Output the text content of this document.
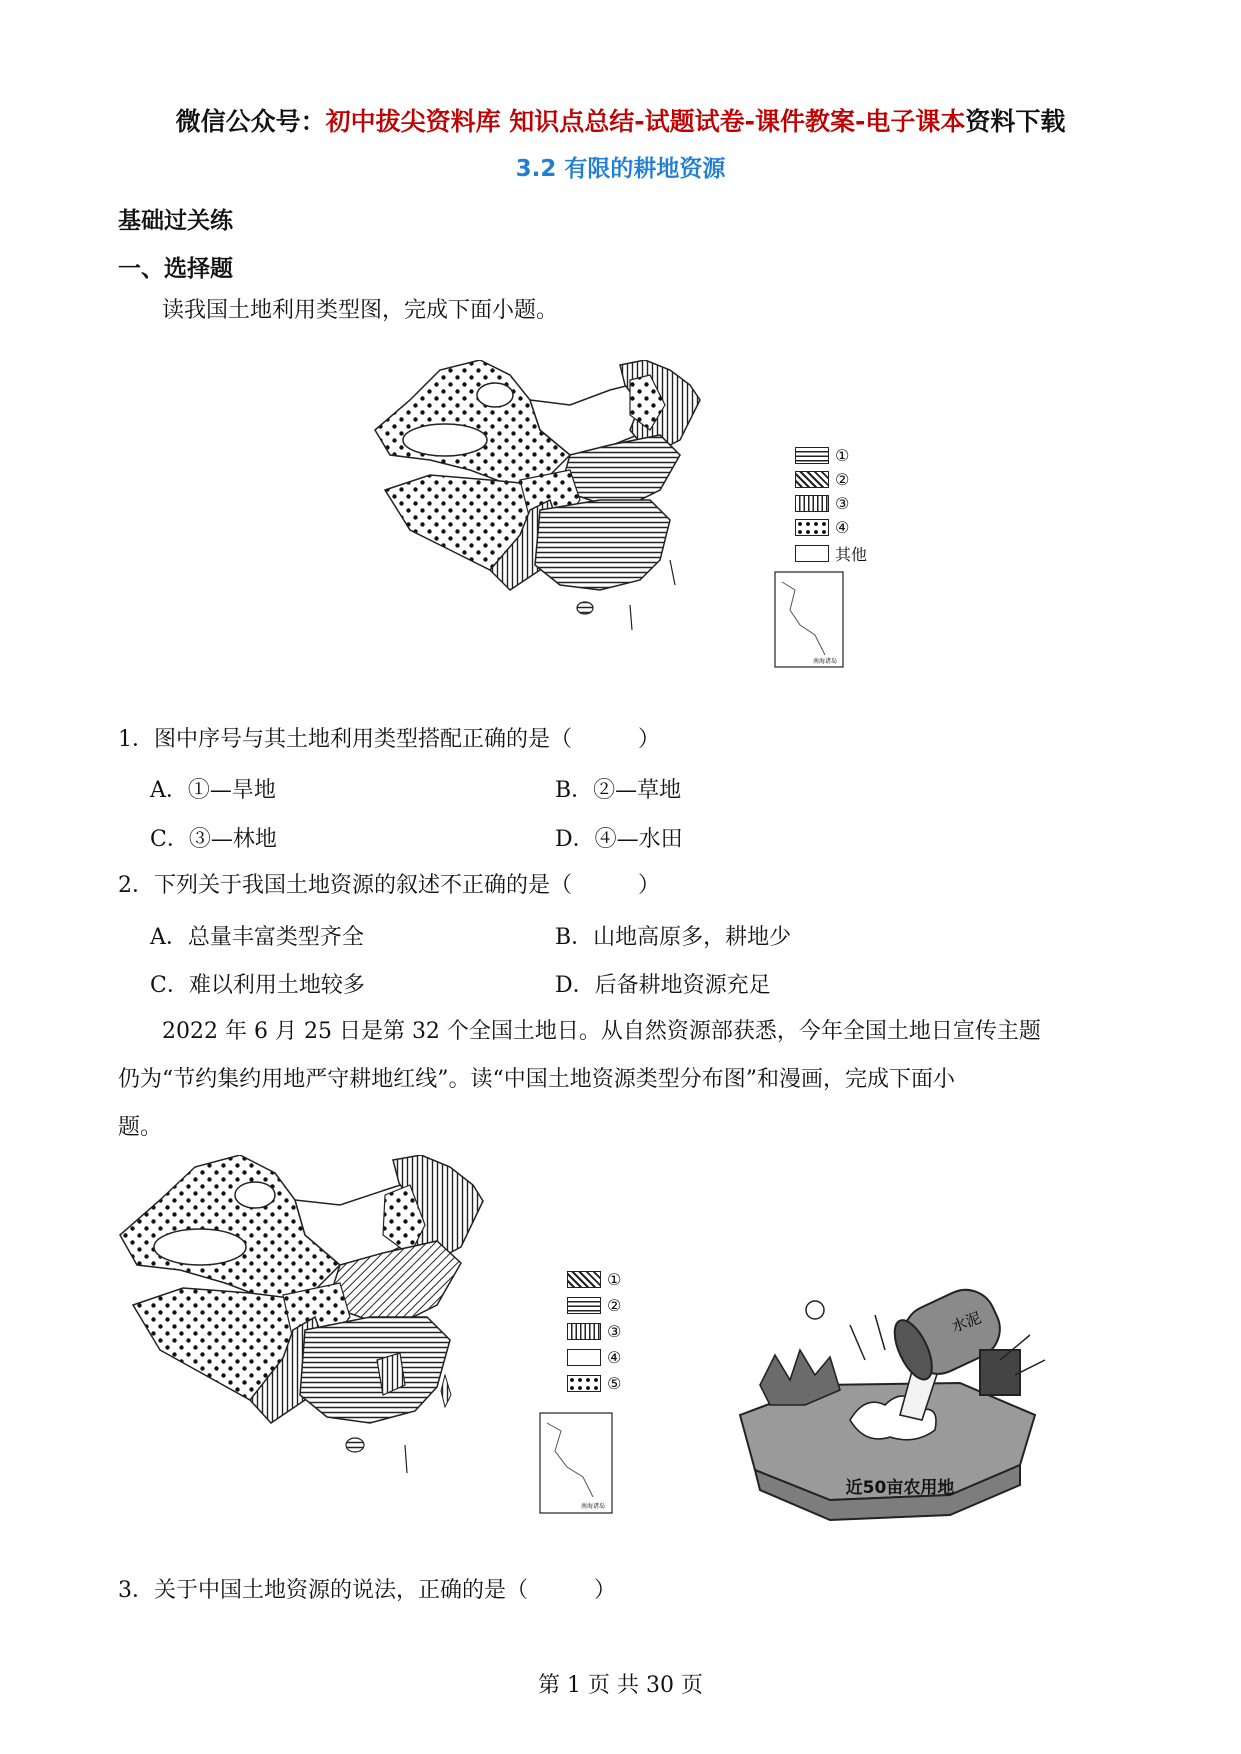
微信公众号：初中拔尖资料库 知识点总结-试题试卷-课件教案-电子课本资料下载
3.2 有限的耕地资源
基础过关练
一、选择题
读我国土地利用类型图，完成下面小题。
南海诸岛
①
②
③
④
其他
1．图中序号与其土地利用类型搭配正确的是（　　　）
A．①—旱地	B．②—草地
C．③—林地	D．④—水田
2．下列关于我国土地资源的叙述不正确的是（　　　）
A．总量丰富类型齐全	B．山地高原多，耕地少
C．难以利用土地较多	D．后备耕地资源充足
2022 年 6 月 25 日是第 32 个全国土地日。从自然资源部获悉，今年全国土地日宣传主题
仍为“节约集约用地严守耕地红线”。读“中国土地资源类型分布图”和漫画，完成下面小
题。
南海诸岛
①
②
③
④
⑤
水泥
近50亩农用地
3．关于中国土地资源的说法，正确的是（　　　）
第 1 页 共 30 页
